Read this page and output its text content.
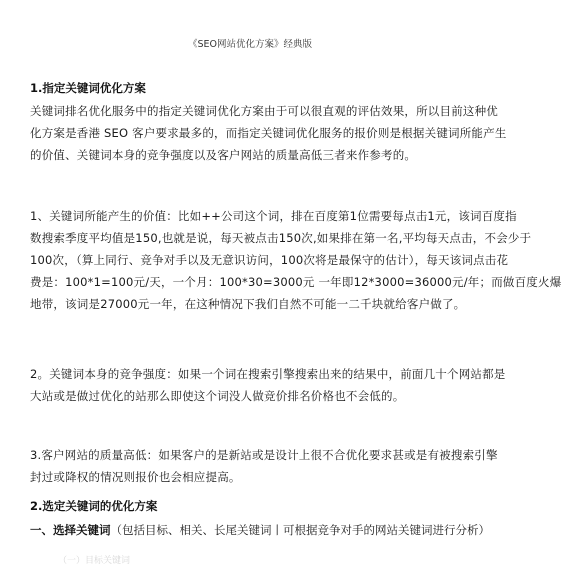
《SEO网站优化方案》经典版
1.指定关键词优化方案
关键词排名优化服务中的指定关键词优化方案由于可以很直观的评估效果，所以目前这种优
化方案是香港 SEO 客户要求最多的，而指定关键词优化服务的报价则是根据关键词所能产生
的价值、关键词本身的竞争强度以及客户网站的质量高低三者来作参考的。
1、关键词所能产生的价值：比如++公司这个词，排在百度第1位需要每点击1元，该词百度指
数搜索季度平均值是150,也就是说，每天被点击150次,如果排在第一名,平均每天点击，不会少于
100次，（算上同行、竞争对手以及无意识访问，100次将是最保守的估计），每天该词点击花
费是：100*1=100元/天，一个月：100*30=3000元 一年即12*3000=36000元/年；而做百度火爆
地带，该词是27000元一年，在这种情况下我们自然不可能一二千块就给客户做了。
2。关键词本身的竞争强度：如果一个词在搜索引擎搜索出来的结果中，前面几十个网站都是
大站或是做过优化的站那么即使这个词没人做竞价排名价格也不会低的。
3.客户网站的质量高低：如果客户的是新站或是设计上很不合优化要求甚或是有被搜索引擎
封过或降权的情况则报价也会相应提高。
2.选定关键词的优化方案
一、选择关键词（包括目标、相关、长尾关键词丨可根据竞争对手的网站关键词进行分析）
（一）目标关键词
